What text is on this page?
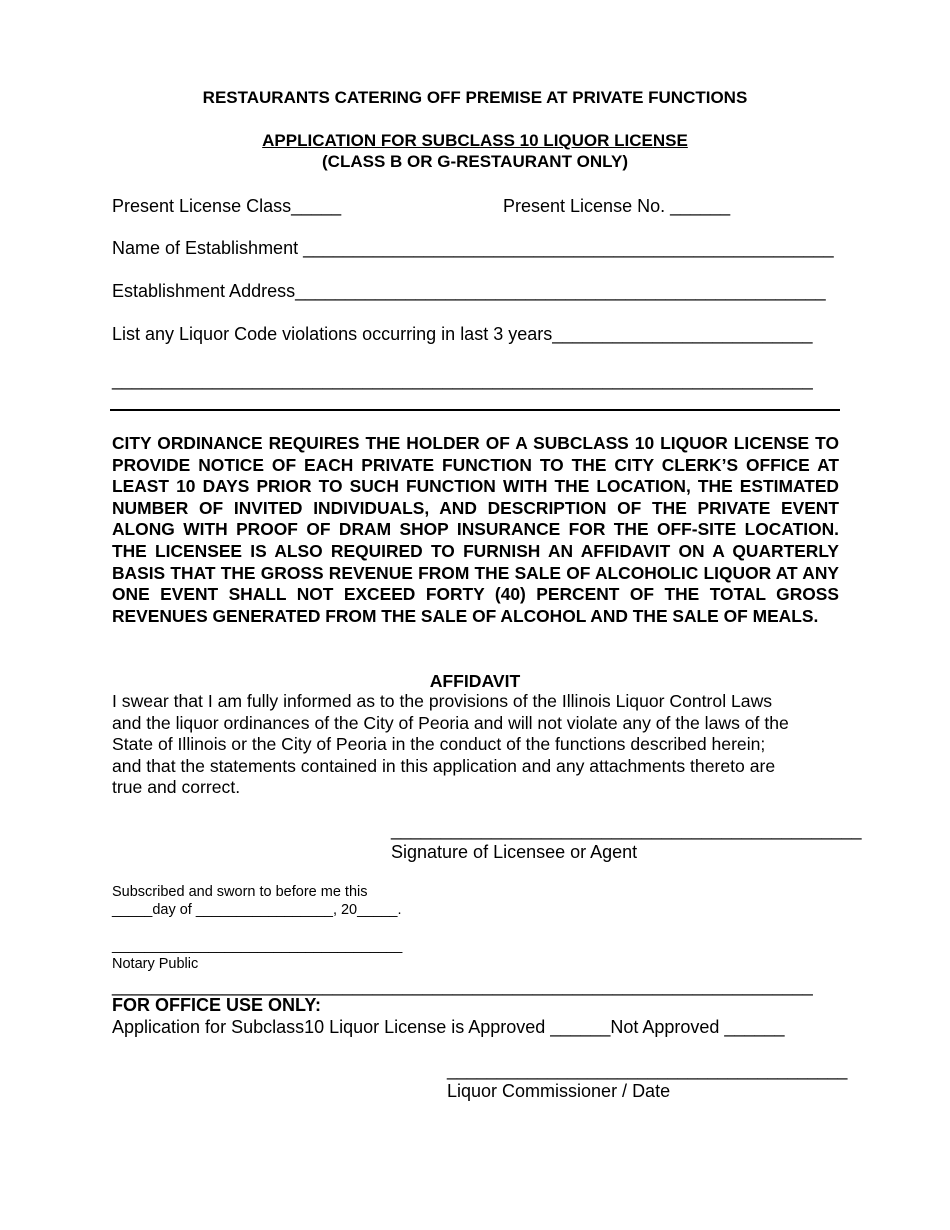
RESTAURANTS CATERING OFF PREMISE AT PRIVATE FUNCTIONS
APPLICATION FOR SUBCLASS 10 LIQUOR LICENSE
(CLASS B OR G-RESTAURANT ONLY)
Present License Class_____	Present License No. ______
Name of Establishment _____________________________________________________
Establishment Address_____________________________________________________
List any Liquor Code violations occurring in last 3 years__________________________
______________________________________________________________________
CITY ORDINANCE REQUIRES THE HOLDER OF A SUBCLASS 10 LIQUOR LICENSE TO PROVIDE NOTICE OF EACH PRIVATE FUNCTION TO THE CITY CLERK’S OFFICE AT LEAST 10 DAYS PRIOR TO SUCH FUNCTION WITH THE LOCATION, THE ESTIMATED NUMBER OF INVITED INDIVIDUALS, AND DESCRIPTION OF THE PRIVATE EVENT ALONG WITH PROOF OF DRAM SHOP INSURANCE FOR THE OFF-SITE LOCATION. THE LICENSEE IS ALSO REQUIRED TO FURNISH AN AFFIDAVIT ON A QUARTERLY BASIS THAT THE GROSS REVENUE FROM THE SALE OF ALCOHOLIC LIQUOR AT ANY ONE EVENT SHALL NOT EXCEED FORTY (40) PERCENT OF THE TOTAL GROSS REVENUES GENERATED FROM THE SALE OF ALCOHOL AND THE SALE OF MEALS.
AFFIDAVIT
I swear that I am fully informed as to the provisions of the Illinois Liquor Control Laws
and the liquor ordinances of the City of Peoria and will not violate any of the laws of the
State of Illinois or the City of Peoria in the conduct of the functions described herein;
and that the statements contained in this application and any attachments thereto are
true and correct.
_______________________________________________
Signature of Licensee or Agent
Subscribed and sworn to before me this
_____day of _________________, 20_____.
____________________________________
Notary Public
______________________________________________________________________
FOR OFFICE USE ONLY:
Application for Subclass10 Liquor License is Approved ______Not Approved ______
________________________________________
Liquor Commissioner / Date
